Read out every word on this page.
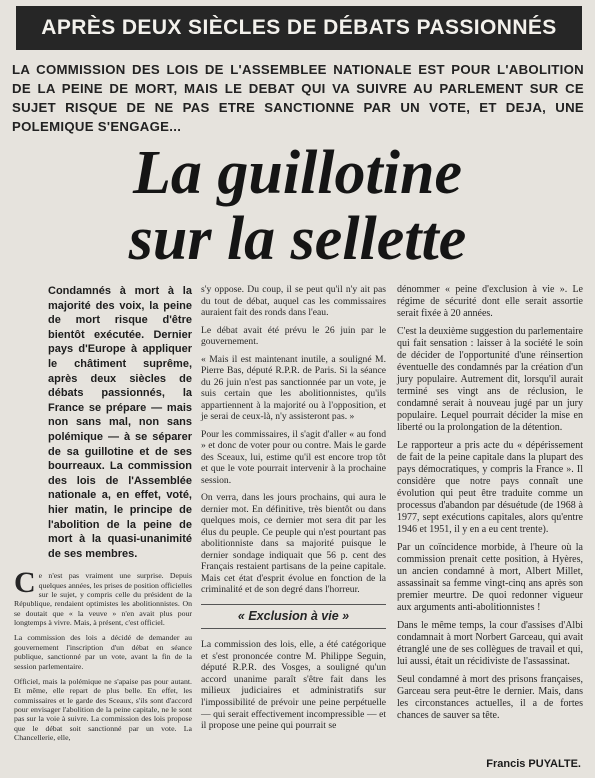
APRÈS DEUX SIÈCLES DE DÉBATS PASSIONNÉS
LA COMMISSION DES LOIS DE L'ASSEMBLEE NATIONALE EST POUR L'ABOLITION DE LA PEINE DE MORT, MAIS LE DEBAT QUI VA SUIVRE AU PARLEMENT SUR CE SUJET RISQUE DE NE PAS ETRE SANCTIONNE PAR UN VOTE, ET DEJA, UNE POLEMIQUE S'ENGAGE...
La guillotine
sur la sellette

Condamnés à mort à la majorité des voix, la peine de mort risque d'être bientôt exécutée. Dernier pays d'Europe à appliquer le châtiment suprême, après deux siècles de débats passionnés, la France se prépare — mais non sans mal, non sans polémique — à se séparer de sa guillotine et de ses bourreaux. La commission des lois de l'Assemblée nationale a, en effet, voté, hier matin, le principe de l'abolition de la peine de mort à la quasi-unanimité de ses membres.

Ce n'est pas vraiment une surprise. Depuis quelques années, les prises de position officielles sur le sujet, y compris celle du président de la République, rendaient optimistes les abolitionnistes. On se doutait que « la veuve » n'en avait plus pour longtemps à vivre. Mais, à présent, c'est officiel.

La commission des lois a décidé de demander au gouvernement l'inscription d'un débat en séance publique, sanctionné par un vote, avant la fin de la session parlementaire.

Officiel, mais la polémique ne s'apaise pas pour autant. Et même, elle repart de plus belle. En effet, les commissaires et le garde des Sceaux, s'ils sont d'accord pour envisager l'abolition de la peine capitale, ne le sont pas sur la voie à suivre. La commission des lois propose que le débat soit sanctionné par un vote. La Chancellerie, elle,

s'y oppose. Du coup, il se peut qu'il n'y ait pas du tout de débat, auquel cas les commissaires auraient fait des ronds dans l'eau.

Le débat avait été prévu le 26 juin par le gouvernement.

« Mais il est maintenant inutile, a souligné M. Pierre Bas, député R.P.R. de Paris. Si la séance du 26 juin n'est pas sanctionnée par un vote, je suis certain que les abolitionnistes, qu'ils appartiennent à la majorité ou à l'opposition, et je serai de ceux-là, n'y assisteront pas. »

Pour les commissaires, il s'agit d'aller « au fond » et donc de voter pour ou contre. Mais le garde des Sceaux, lui, estime qu'il est encore trop tôt et que le vote pourrait intervenir à la prochaine session.

On verra, dans les jours prochains, qui aura le dernier mot. En définitive, très bientôt ou dans quelques mois, ce dernier mot sera dit par les élus du peuple. Ce peuple qui n'est pourtant pas abolitionniste dans sa majorité puisque le dernier sondage indiquait que 56 p. cent des Français restaient partisans de la peine capitale. Mais cet état d'esprit évolue en fonction de la criminalité et de son degré dans l'horreur.

« Exclusion à vie »

La commission des lois, elle, a été catégorique et s'est prononcée contre M. Philippe Seguin, député R.P.R. des Vosges, a souligné qu'un accord unanime paraît s'être fait dans les milieux judiciaires et administratifs sur l'impossibilité de prévoir une peine perpétuelle — qui serait effectivement incompressible — et il propose une peine qui pourrait se

dénommer « peine d'exclusion à vie ». Le régime de sécurité dont elle serait assortie serait fixée à 20 années.

C'est la deuxième suggestion du parlementaire qui fait sensation : laisser à la société le soin de décider de l'opportunité d'une réinsertion éventuelle des condamnés par la création d'un jury populaire. Autrement dit, lorsqu'il aurait terminé ses vingt ans de réclusion, le condamné serait à nouveau jugé par un jury populaire. Lequel pourrait décider la mise en liberté ou la prolongation de la détention.

Le rapporteur a pris acte du « dépérissement de fait de la peine capitale dans la plupart des pays démocratiques, y compris la France ». Il considère que notre pays connaît une évolution qui peut être traduite comme un processus d'abandon par désuétude (de 1968 à 1977, sept exécutions capitales, alors qu'entre 1946 et 1951, il y en a eu cent trente).

Par un coïncidence morbide, à l'heure où la commission prenait cette position, à Hyères, un ancien condamné à mort, Albert Millet, assassinait sa femme vingt-cinq ans après son premier meurtre. De quoi redonner vigueur aux arguments anti-abolitionnistes !

Dans le même temps, la cour d'assises d'Albi condamnait à mort Norbert Garceau, qui avait étranglé une de ses collègues de travail et qui, lui aussi, était un récidiviste de l'assassinat.

Seul condamné à mort des prisons françaises, Garceau sera peut-être le dernier. Mais, dans les circonstances actuelles, il a de fortes chances de sauver sa tête.

Francis PUYALTE.
